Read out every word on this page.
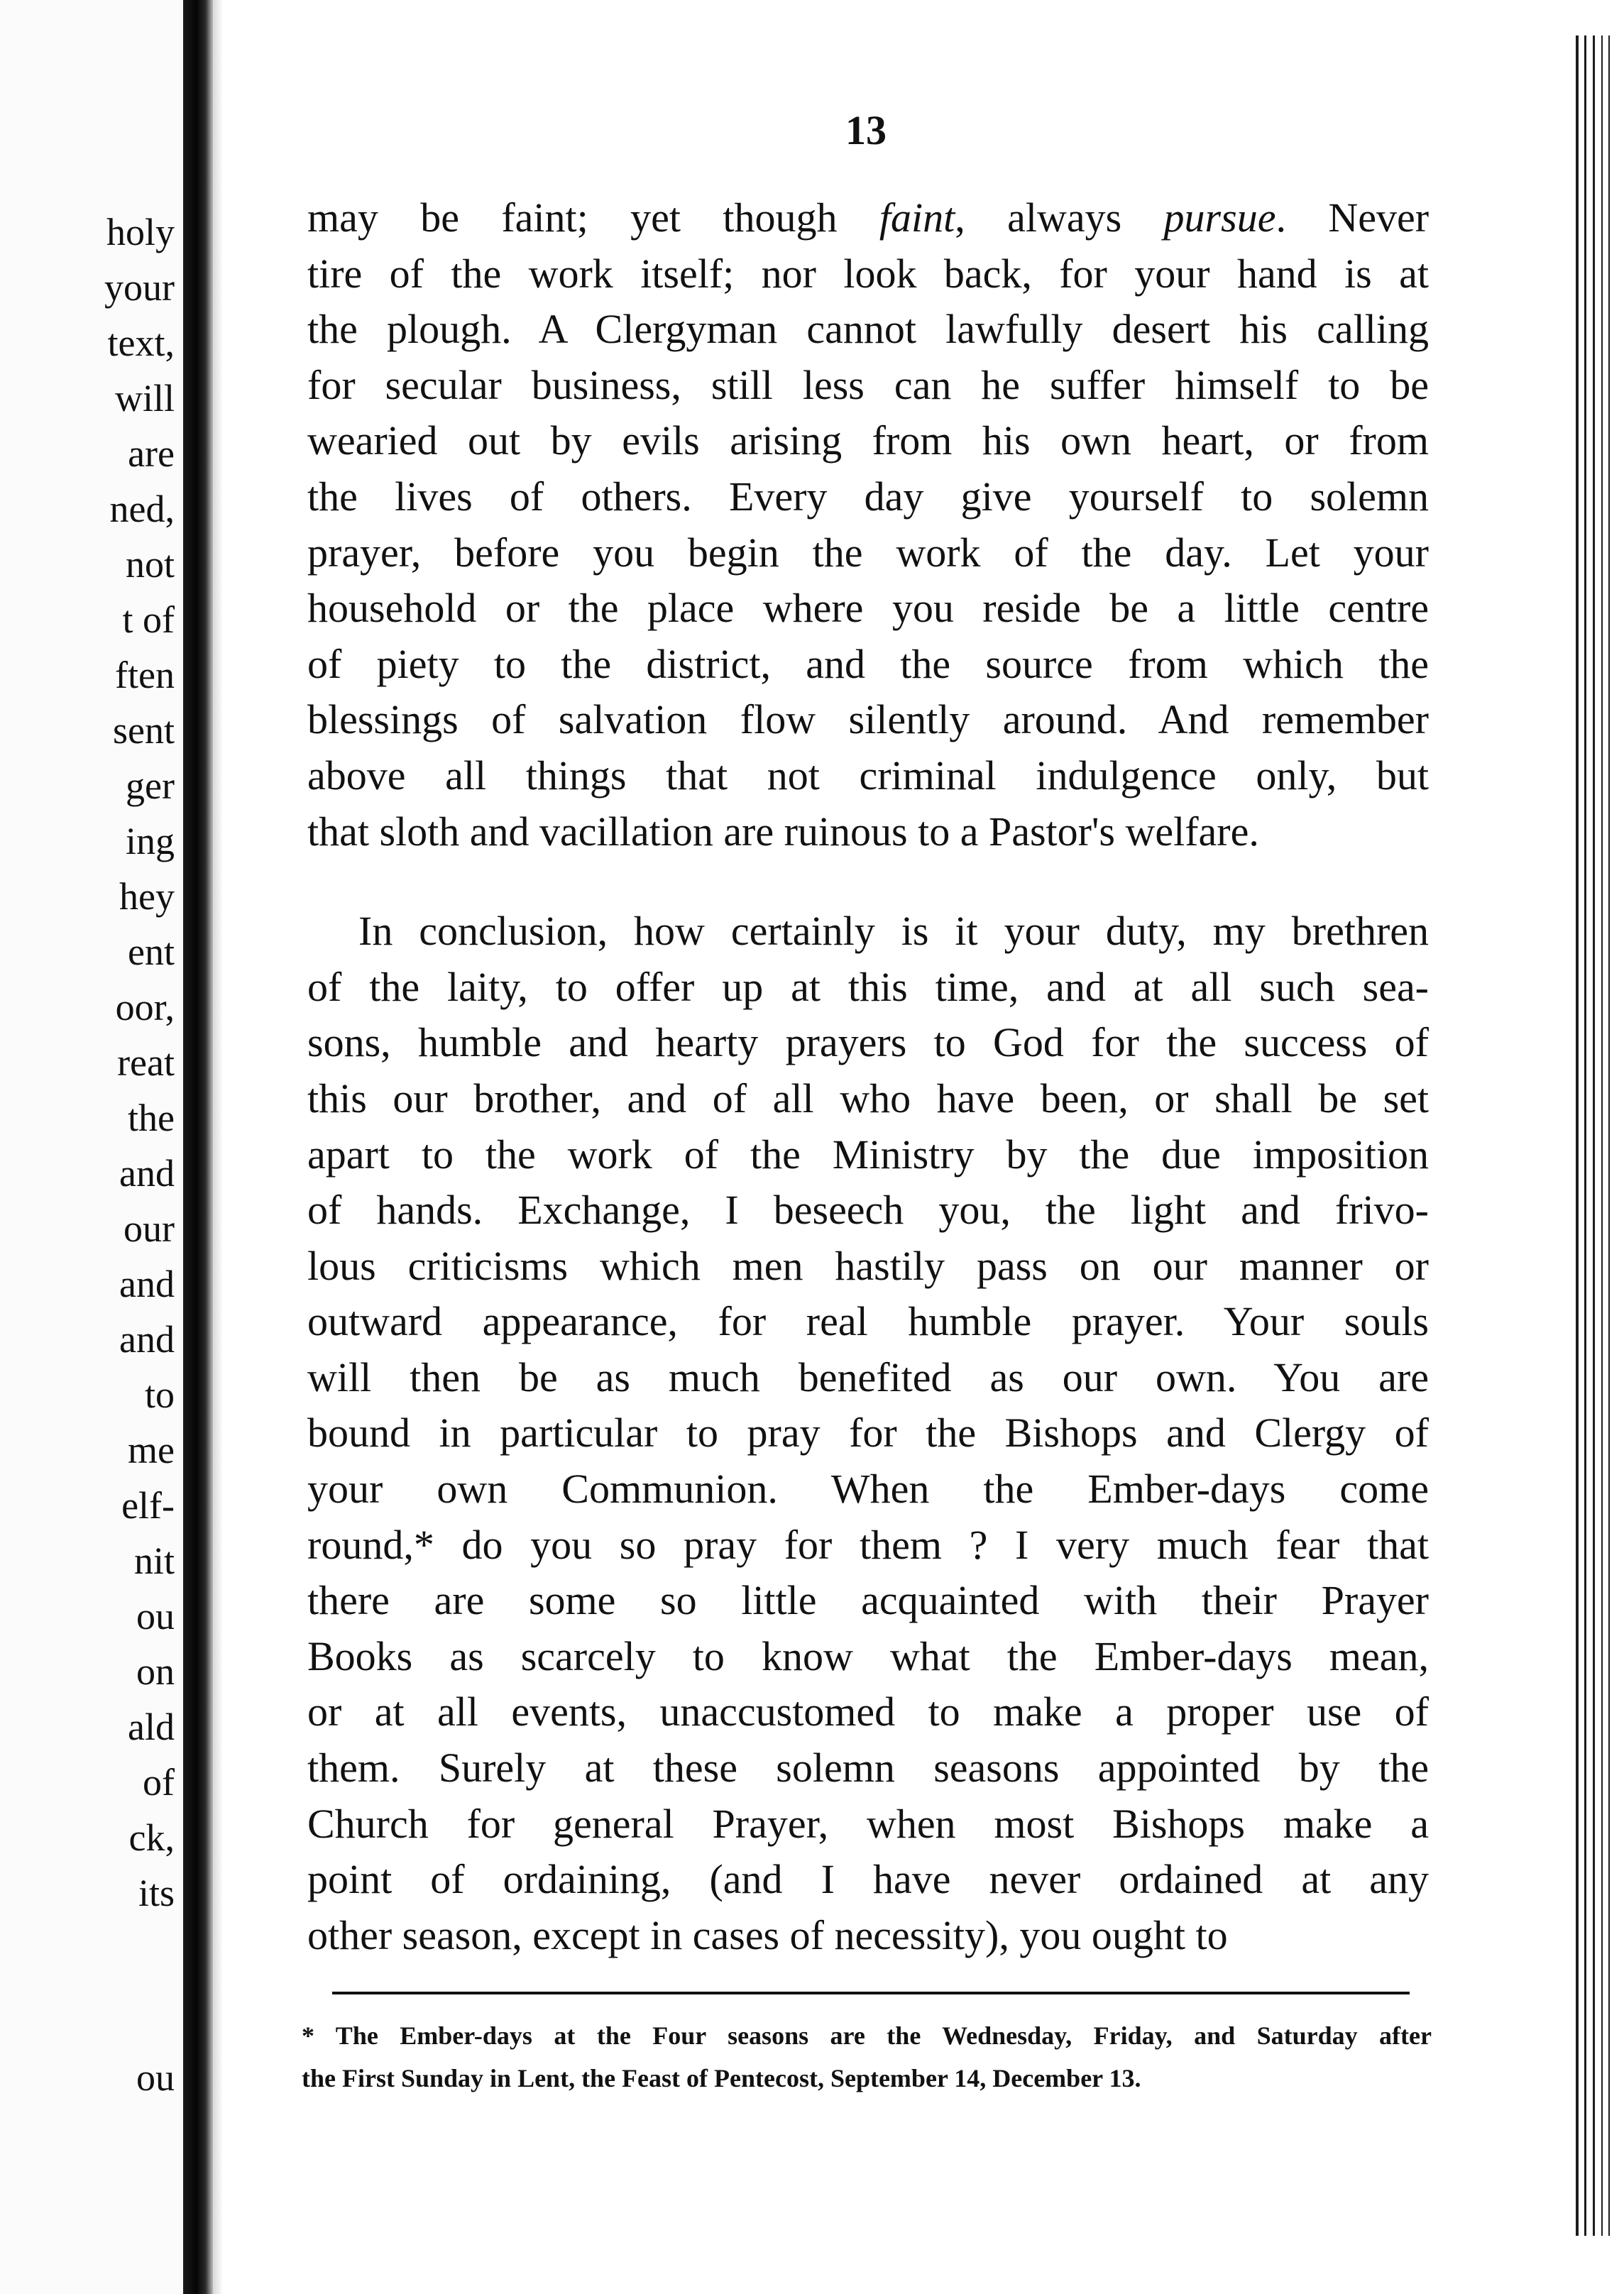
holy
your
text,
will
are
ned,
not
t of
ften
sent
ger
ing
hey
ent
oor,
reat
the
and
our
and
and
to
me
elf-
nit
ou
on
ald
of
ck,
its
ou
13
may be faint; yet though faint, always pursue. Never
tire of the work itself; nor look back, for your hand is at
the plough. A Clergyman cannot lawfully desert his calling
for secular business, still less can he suffer himself to be
wearied out by evils arising from his own heart, or from
the lives of others. Every day give yourself to solemn
prayer, before you begin the work of the day. Let your
household or the place where you reside be a little centre
of piety to the district, and the source from which the
blessings of salvation flow silently around. And remember
above all things that not criminal indulgence only, but
that sloth and vacillation are ruinous to a Pastor's welfare.
In conclusion, how certainly is it your duty, my brethren
of the laity, to offer up at this time, and at all such sea-
sons, humble and hearty prayers to God for the success of
this our brother, and of all who have been, or shall be set
apart to the work of the Ministry by the due imposition
of hands. Exchange, I beseech you, the light and frivo-
lous criticisms which men hastily pass on our manner or
outward appearance, for real humble prayer. Your souls
will then be as much benefited as our own. You are
bound in particular to pray for the Bishops and Clergy of
your own Communion. When the Ember-days come
round,* do you so pray for them ? I very much fear that
there are some so little acquainted with their Prayer
Books as scarcely to know what the Ember-days mean,
or at all events, unaccustomed to make a proper use of
them. Surely at these solemn seasons appointed by the
Church for general Prayer, when most Bishops make a
point of ordaining, (and I have never ordained at any
other season, except in cases of necessity), you ought to
* The Ember-days at the Four seasons are the Wednesday, Friday, and Saturday after
the First Sunday in Lent, the Feast of Pentecost, September 14, December 13.
